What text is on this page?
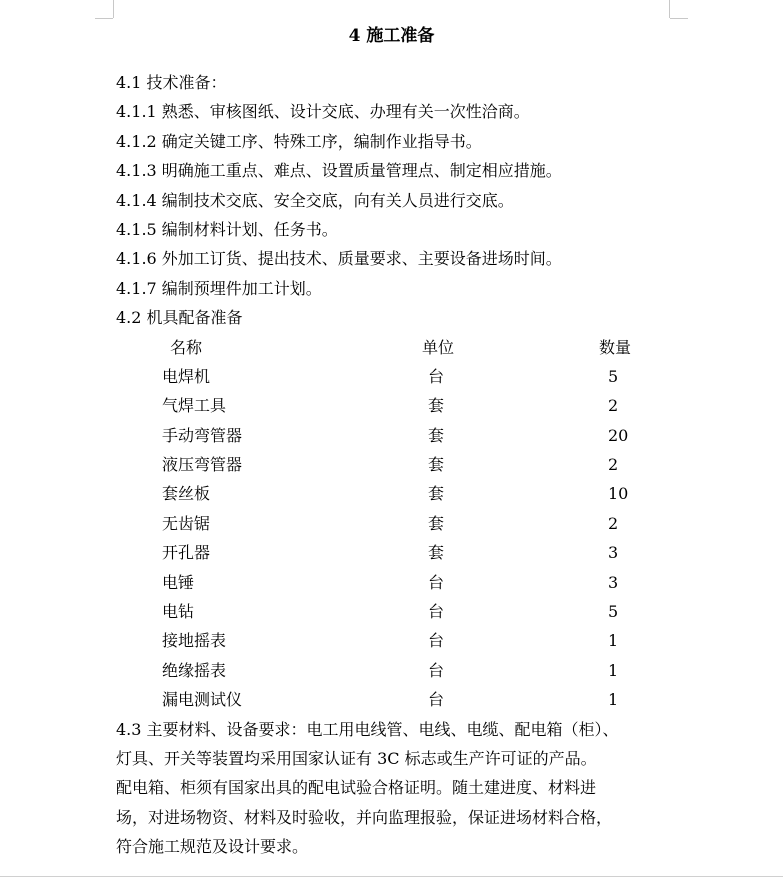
4 施工准备
4.1 技术准备：
4.1.1 熟悉、审核图纸、设计交底、办理有关一次性洽商。
4.1.2 确定关键工序、特殊工序，编制作业指导书。
4.1.3 明确施工重点、难点、设置质量管理点、制定相应措施。
4.1.4 编制技术交底、安全交底，向有关人员进行交底。
4.1.5 编制材料计划、任务书。
4.1.6 外加工订货、提出技术、质量要求、主要设备进场时间。
4.1.7 编制预埋件加工计划。
4.2 机具配备准备
名称	单位	数量
电焊机	台	5
气焊工具	套	2
手动弯管器	套	20
液压弯管器	套	2
套丝板	套	10
无齿锯	套	2
开孔器	套	3
电锤	台	3
电钻	台	5
接地摇表	台	1
绝缘摇表	台	1
漏电测试仪	台	1
4.3 主要材料、设备要求：电工用电线管、电线、电缆、配电箱（柜）、
灯具、开关等装置均采用国家认证有 3C 标志或生产许可证的产品。
配电箱、柜须有国家出具的配电试验合格证明。随土建进度、材料进
场，对进场物资、材料及时验收，并向监理报验，保证进场材料合格，
符合施工规范及设计要求。
